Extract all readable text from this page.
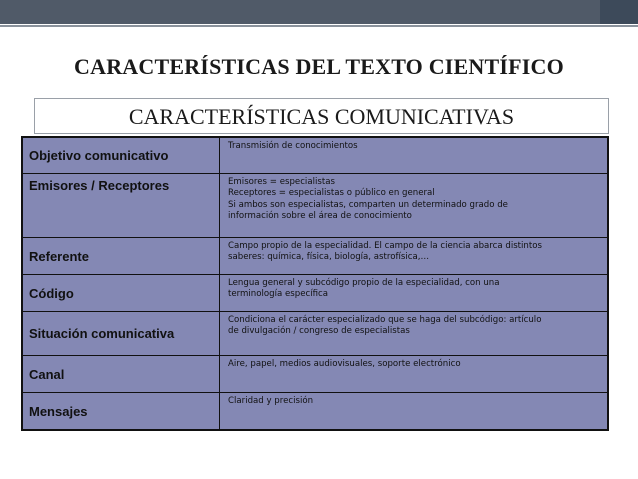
CARACTERÍSTICAS DEL TEXTO CIENTÍFICO
CARACTERÍSTICAS COMUNICATIVAS
Objetivo comunicativo
Transmisión de conocimientos
Emisores / Receptores	Emisores = especialistas
Receptores = especialistas o público en general
Si ambos son especialistas, comparten un determinado grado de
información sobre el área de conocimiento
Referente
Campo propio de la especialidad. El campo de la ciencia abarca distintos
saberes: química, física, biología, astrofísica,…
Código
Lengua general y subcódigo propio de la especialidad, con una
terminología específica
Situación comunicativa
Condiciona el carácter especializado que se haga del subcódigo: artículo
de divulgación / congreso de especialistas
Canal
Aire, papel, medios audiovisuales, soporte electrónico
Mensajes
Claridad y precisión
